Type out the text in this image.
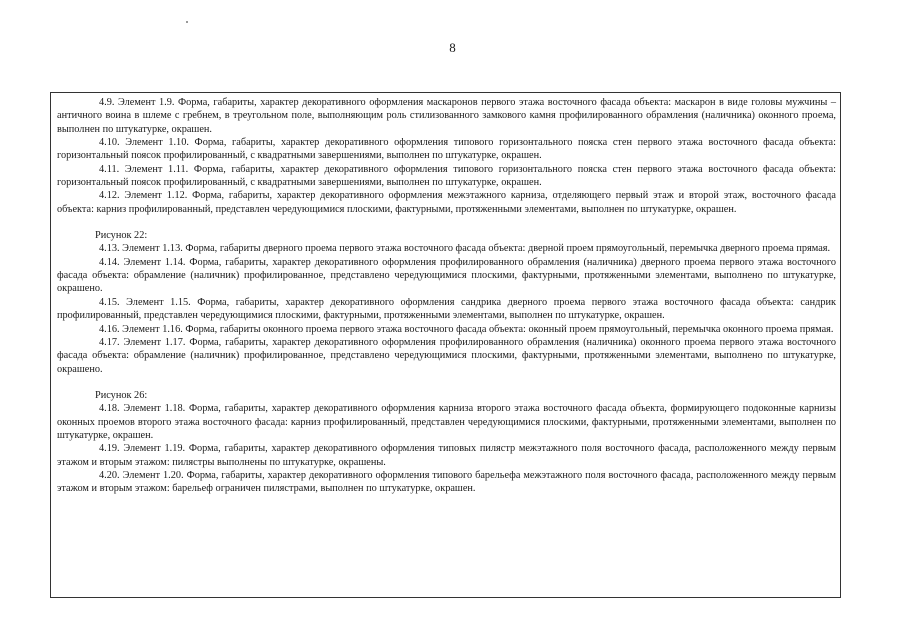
8

4.9. Элемент 1.9. Форма, габариты, характер декоративного оформления маскаронов первого этажа восточного фасада объекта: маскарон в виде головы мужчины – античного воина в шлеме с гребнем, в треугольном поле, выполняющим роль стилизованного замкового камня профилированного обрамления (наличника) оконного проема, выполнен по штукатурке, окрашен.

4.10. Элемент 1.10. Форма, габариты, характер декоративного оформления типового горизонтального пояска стен первого этажа восточного фасада объекта: горизонтальный поясок профилированный, с квадратными завершениями, выполнен по штукатурке, окрашен.

4.11. Элемент 1.11. Форма, габариты, характер декоративного оформления типового горизонтального пояска стен первого этажа восточного фасада объекта: горизонтальный поясок профилированный, с квадратными завершениями, выполнен по штукатурке, окрашен.

4.12. Элемент 1.12. Форма, габариты, характер декоративного оформления межэтажного карниза, отделяющего первый этаж и второй этаж, восточного фасада объекта: карниз профилированный, представлен чередующимися плоскими, фактурными, протяженными элементами, выполнен по штукатурке, окрашен.

Рисунок 22:

4.13. Элемент 1.13. Форма, габариты дверного проема первого этажа восточного фасада объекта: дверной проем прямоугольный, перемычка дверного проема прямая.

4.14. Элемент 1.14. Форма, габариты, характер декоративного оформления профилированного обрамления (наличника) дверного проема первого этажа восточного фасада объекта: обрамление (наличник) профилированное, представлено чередующимися плоскими, фактурными, протяженными элементами, выполнено по штукатурке, окрашено.

4.15. Элемент 1.15. Форма, габариты, характер декоративного оформления сандрика дверного проема первого этажа восточного фасада объекта: сандрик профилированный, представлен чередующимися плоскими, фактурными, протяженными элементами, выполнен по штукатурке, окрашен.

4.16. Элемент 1.16. Форма, габариты оконного проема первого этажа восточного фасада объекта: оконный проем прямоугольный, перемычка оконного проема прямая.

4.17. Элемент 1.17. Форма, габариты, характер декоративного оформления профилированного обрамления (наличника) оконного проема первого этажа восточного фасада объекта: обрамление (наличник) профилированное, представлено чередующимися плоскими, фактурными, протяженными элементами, выполнено по штукатурке, окрашено.

Рисунок 26:

4.18. Элемент 1.18. Форма, габариты, характер декоративного оформления карниза второго этажа восточного фасада объекта, формирующего подоконные карнизы оконных проемов второго этажа восточного фасада: карниз профилированный, представлен чередующимися плоскими, фактурными, протяженными элементами, выполнен по штукатурке, окрашен.

4.19. Элемент 1.19. Форма, габариты, характер декоративного оформления типовых пилястр межэтажного поля восточного фасада, расположенного между первым этажом и вторым этажом: пилястры выполнены по штукатурке, окрашены.

4.20. Элемент 1.20. Форма, габариты, характер декоративного оформления типового барельефа межэтажного поля восточного фасада, расположенного между первым этажом и вторым этажом: барельеф ограничен пилястрами, выполнен по штукатурке, окрашен.
